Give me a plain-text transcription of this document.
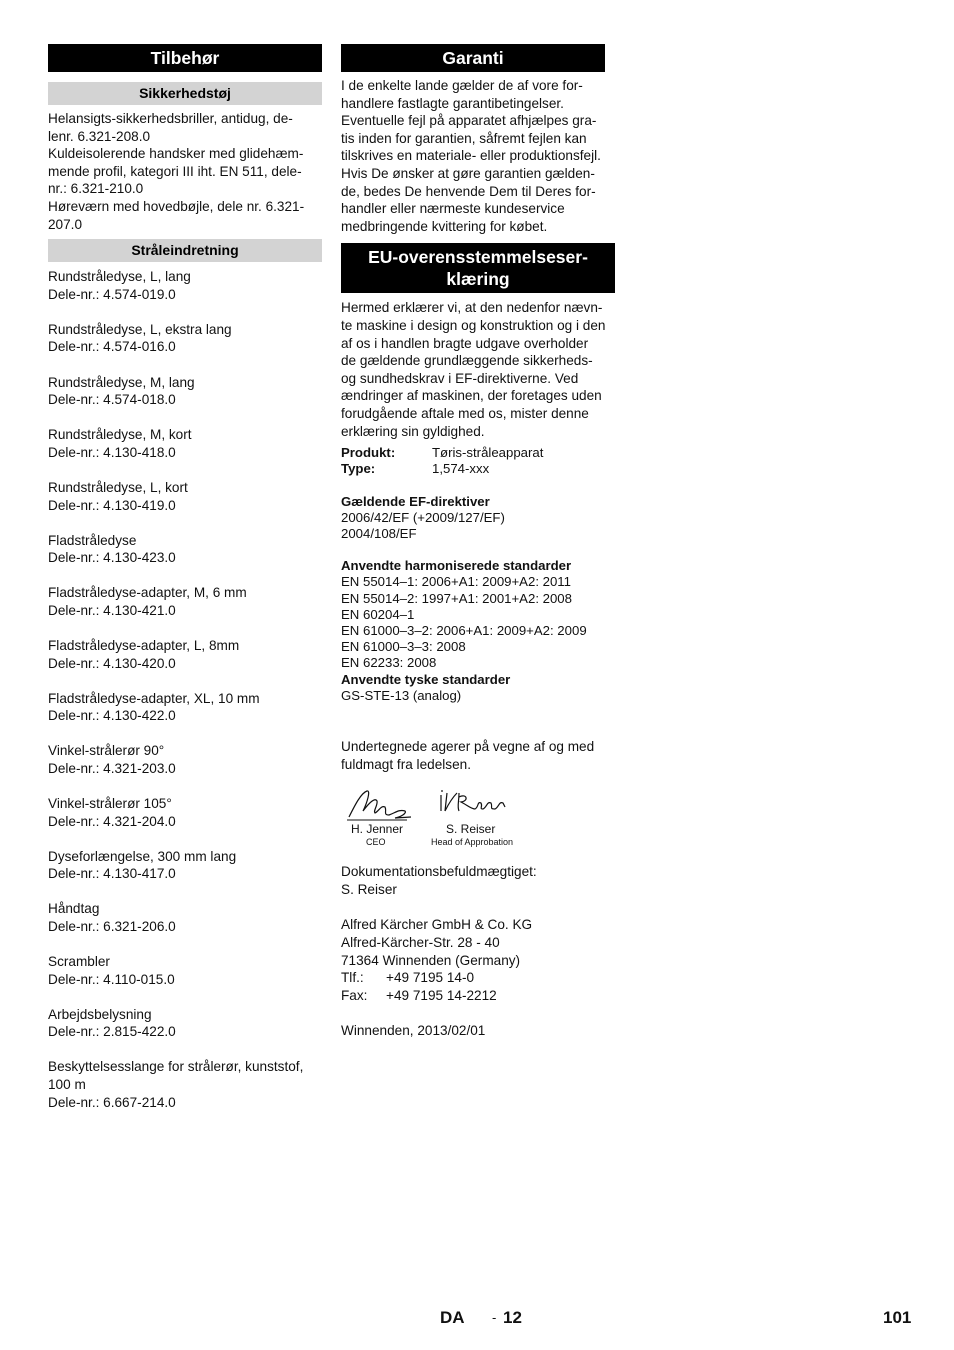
Tilbehør
Sikkerhedstøj
Helansigts-sikkerhedsbriller, antidug, de-
lenr. 6.321-208.0
Kuldeisolerende handsker med glidehæm-
mende profil, kategori III iht. EN 511, dele-
nr.: 6.321-210.0
Høreværn med hovedbøjle, dele nr. 6.321-
207.0
Stråleindretning
Rundstråledyse, L, lang
Dele-nr.: 4.574-019.0
Rundstråledyse, L, ekstra lang
Dele-nr.: 4.574-016.0
Rundstråledyse, M, lang
Dele-nr.: 4.574-018.0
Rundstråledyse, M, kort
Dele-nr.: 4.130-418.0
Rundstråledyse, L, kort
Dele-nr.: 4.130-419.0
Fladstråledyse
Dele-nr.: 4.130-423.0
Fladstråledyse-adapter, M, 6 mm
Dele-nr.: 4.130-421.0
Fladstråledyse-adapter, L, 8mm
Dele-nr.: 4.130-420.0
Fladstråledyse-adapter, XL, 10 mm
Dele-nr.: 4.130-422.0
Vinkel-strålerør 90°
Dele-nr.: 4.321-203.0
Vinkel-strålerør 105°
Dele-nr.: 4.321-204.0
Dyseforlængelse, 300 mm lang
Dele-nr.: 4.130-417.0
Håndtag
Dele-nr.: 6.321-206.0
Scrambler
Dele-nr.: 4.110-015.0
Arbejdsbelysning
Dele-nr.: 2.815-422.0
Beskyttelsesslange for strålerør, kunststof,
100 m
Dele-nr.: 6.667-214.0
Garanti
I de enkelte lande gælder de af vore for-
handlere fastlagte garantibetingelser.
Eventuelle fejl på apparatet afhjælpes gra-
tis inden for garantien, såfremt fejlen kan
tilskrives en materiale- eller produktionsfejl.
Hvis De ønsker at gøre garantien gælden-
de, bedes De henvende Dem til Deres for-
handler eller nærmeste kundeservice
medbringende kvittering for købet.
EU-overensstemmelseser-
klæring
Hermed erklærer vi, at den nedenfor nævn-
te maskine i design og konstruktion og i den
af os i handlen bragte udgave overholder
de gældende grundlæggende sikkerheds-
og sundhedskrav i EF-direktiverne. Ved
ændringer af maskinen, der foretages uden
forudgående aftale med os, mister denne
erklæring sin gyldighed.
Produkt:	Tøris-stråleapparat
Type:	1,574-xxx
Gældende EF-direktiver
2006/42/EF (+2009/127/EF)
2004/108/EF
Anvendte harmoniserede standarder
EN 55014–1: 2006+A1: 2009+A2: 2011
EN 55014–2: 1997+A1: 2001+A2: 2008
EN 60204–1
EN 61000–3–2: 2006+A1: 2009+A2: 2009
EN 61000–3–3: 2008
EN 62233: 2008
Anvendte tyske standarder
GS-STE-13 (analog)
Undertegnede agerer på vegne af og med
fuldmagt fra ledelsen.
H. Jenner
CEO
S. Reiser
Head of Approbation
Dokumentationsbefuldmægtiget:
S. Reiser
Alfred Kärcher GmbH & Co. KG
Alfred-Kärcher-Str. 28 - 40
71364 Winnenden (Germany)
Tlf.:	+49 7195 14-0
Fax:	+49 7195 14-2212
Winnenden, 2013/02/01
DA - 12	101
